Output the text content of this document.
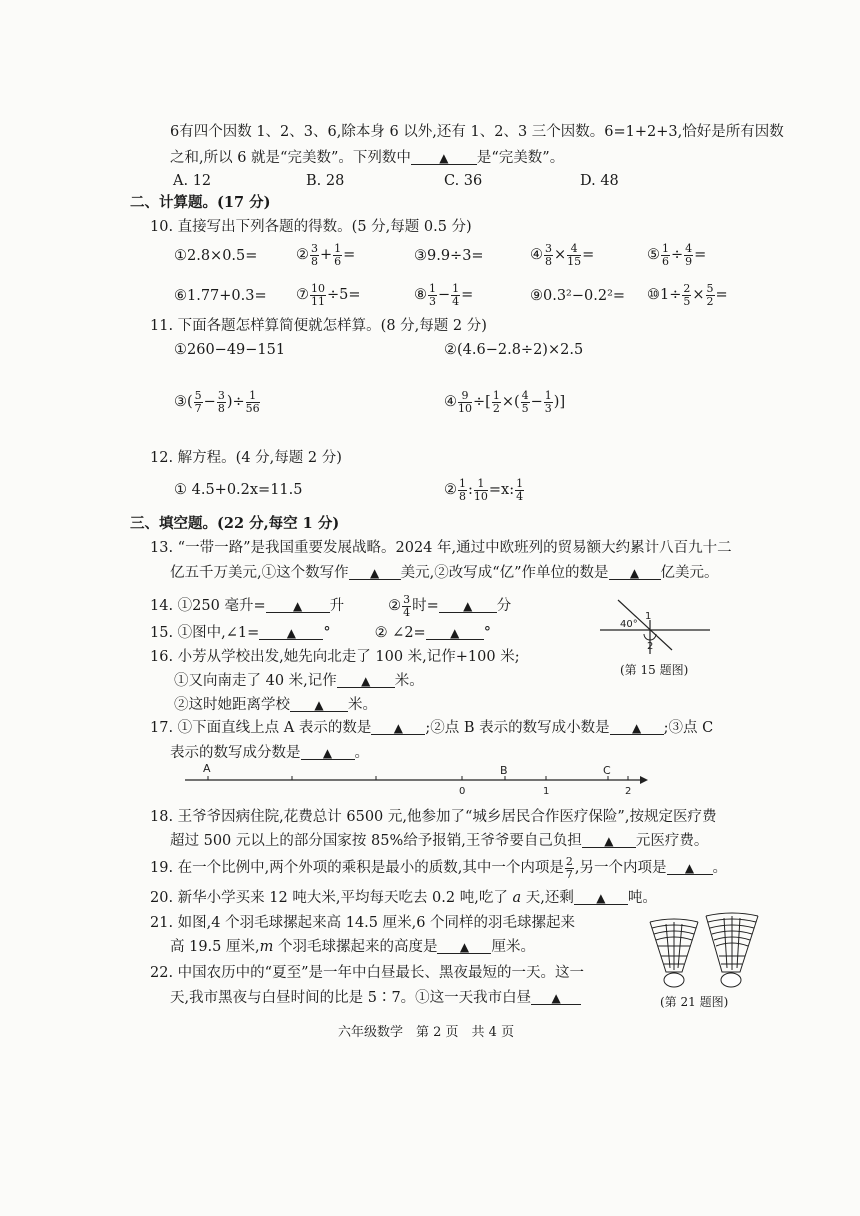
6有四个因数 1、2、3、6,除本身 6 以外,还有 1、2、3 三个因数。6=1+2+3,恰好是所有因数
之和,所以 6 就是“完美数”。下列数中 ▲ 是“完美数”。
A. 12	B. 28	C. 36	D. 48
二、计算题。(17 分)
10. 直接写出下列各题的得数。(5 分,每题 0.5 分)
①2.8×0.5=	② $\frac{3}{8} + \frac{1}{6}$ =	③9.9÷3=	④ $\frac{3}{8} \times \frac{4}{15}$ =	⑤ $\frac{1}{6} \div \frac{4}{9}$ =
⑥1.77+0.3= ⑦ $\frac{10}{11} \div 5=$	⑧ $\frac{1}{3} - \frac{1}{4}$ =	⑨0.3²−0.2²= ⑩1÷ $\frac{2}{5} \times \frac{5}{2}$ =
11. 下面各题怎样算简便就怎样算。(8 分,每题 2 分)
①260−49−151	②(4.6−2.8÷2)×2.5
③( $\frac{5}{7} - \frac{3}{8}$ )÷ $\frac{1}{56}$	④ $\frac{9}{10}$ ÷[ $\frac{1}{2}$ ×( $\frac{4}{5} - \frac{1}{3}$ )]
12. 解方程。(4 分,每题 2 分)
① 4.5+0.2x=11.5	② $\frac{1}{8}$ : $\frac{1}{10} =x$: $\frac{1}{4}$
三、填空题。(22 分,每空 1 分)
13. “一带一路”是我国重要发展战略。2024 年,通过中欧班列的贸易额大约累计八百九十二
亿五千万美元,①这个数写作 ▲ 美元,②改写成“亿”作单位的数是 ▲ 亿美元。
14. ①250 毫升= ▲ 升	② $\frac{3}{4}$ 时= ▲ 分
15. ①图中,∠1= ▲ °	② ∠2= ▲ °
40°
1
2
(第 15 题图)
16. 小芳从学校出发,她先向北走了 100 米,记作+100 米;
①又向南走了 40 米,记作 ▲ 米。
②这时她距离学校 ▲ 米。
17. ①下面直线上点 A 表示的数是 ▲ ;②点 B 表示的数写成小数是 ▲ ;③点 C
表示的数写成分数是 ▲ 。
A	B	C
0	1	2
18. 王爷爷因病住院,花费总计 6500 元,他参加了“城乡居民合作医疗保险”,按规定医疗费
超过 500 元以上的部分国家按 85%给予报销,王爷爷要自己负担 ▲ 元医疗费。
19. 在一个比例中,两个外项的乘积是最小的质数,其中一个内项是 $\frac{2}{7}$ ,另一个内项是 ▲ 。
20. 新华小学买来 12 吨大米,平均每天吃去 0.2 吨,吃了 a 天,还剩 ▲ 吨。
21. 如图,4 个羽毛球摞起来高 14.5 厘米,6 个同样的羽毛球摞起来
高 19.5 厘米,m 个羽毛球摞起来的高度是 ▲ 厘米。
22. 中国农历中的“夏至”是一年中白昼最长、黑夜最短的一天。这一
天,我市黑夜与白昼时间的比是 5∶7。①这一天我市白昼 ▲	(第 21 题图)
六年级数学　第 2 页　共 4 页
